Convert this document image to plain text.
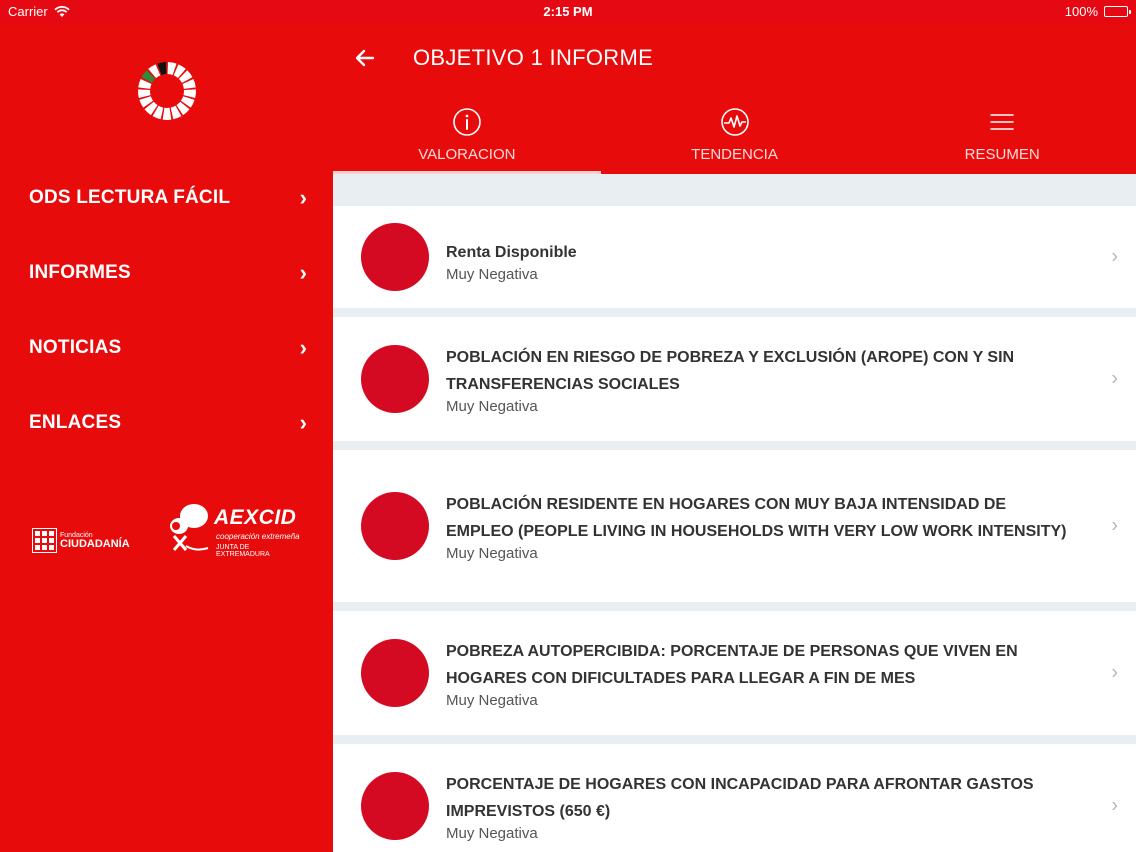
Carrier	2:15 PM	100%
ODS LECTURA FÁCIL	›
INFORMES	›
NOTICIAS	›
ENLACES	›
Fundación
CIUDADANÍA
AEXCID
cooperación extremeña
JUNTA DE EXTREMADURA
OBJETIVO 1 INFORME
VALORACION	TENDENCIA	RESUMEN
Renta Disponible
Muy Negativa
›
POBLACIÓN EN RIESGO DE POBREZA Y EXCLUSIÓN (AROPE) CON Y SIN TRANSFERENCIAS SOCIALES
Muy Negativa
›
POBLACIÓN RESIDENTE EN HOGARES CON MUY BAJA INTENSIDAD DE EMPLEO (PEOPLE LIVING IN HOUSEHOLDS WITH VERY LOW WORK INTENSITY)
Muy Negativa
›
POBREZA AUTOPERCIBIDA: PORCENTAJE DE PERSONAS QUE VIVEN EN HOGARES CON DIFICULTADES PARA LLEGAR A FIN DE MES
Muy Negativa
›
PORCENTAJE DE HOGARES CON INCAPACIDAD PARA AFRONTAR GASTOS IMPREVISTOS (650 €)
Muy Negativa
›
